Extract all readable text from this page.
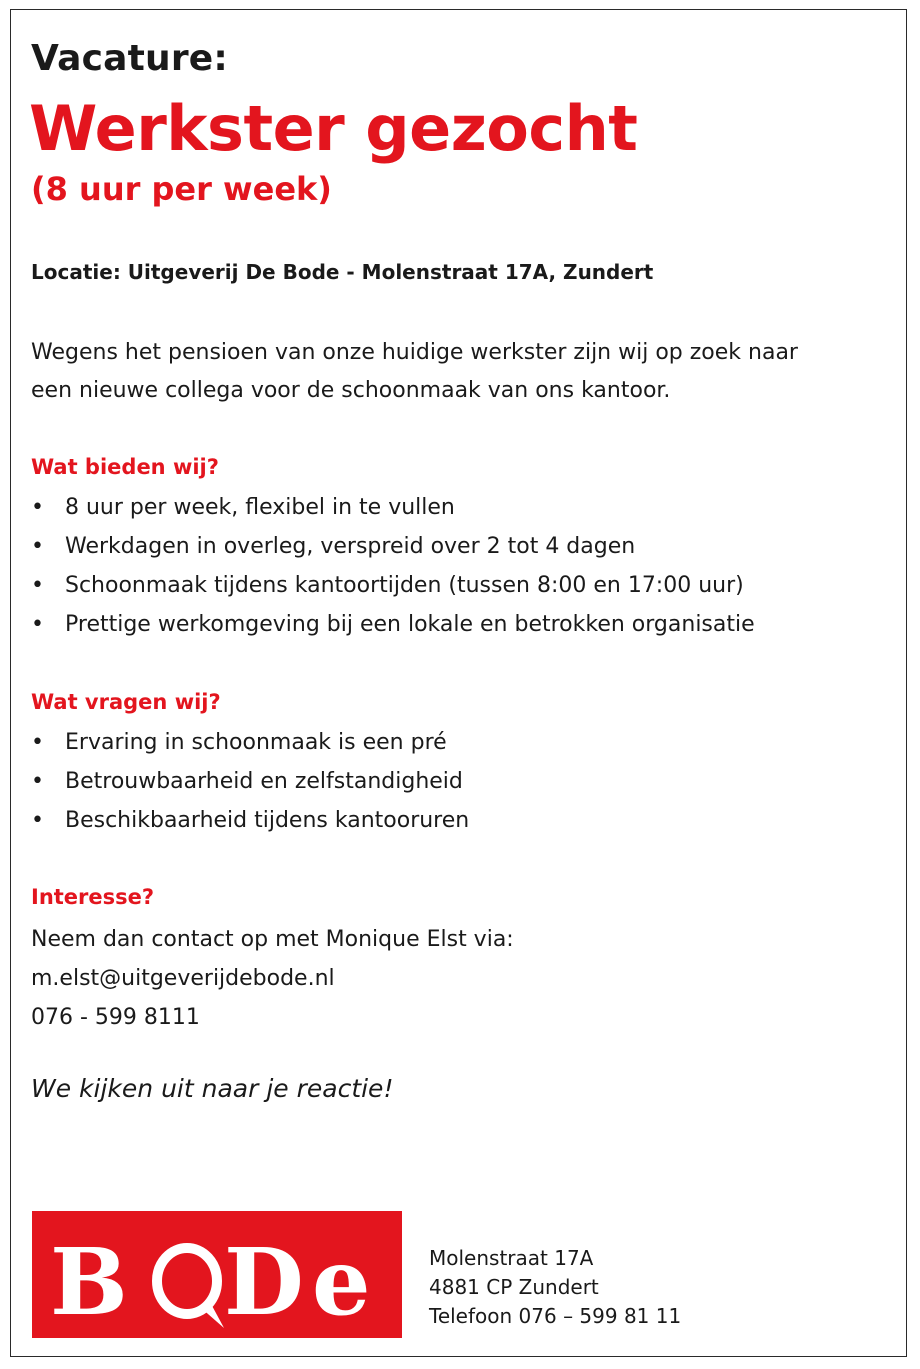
Vacature:
Werkster gezocht
(8 uur per week)
Locatie: Uitgeverij De Bode - Molenstraat 17A, Zundert
Wegens het pensioen van onze huidige werkster zijn wij op zoek naar
een nieuwe collega voor de schoonmaak van ons kantoor.
Wat bieden wij?
• 8 uur per week, flexibel in te vullen
• Werkdagen in overleg, verspreid over 2 tot 4 dagen
• Schoonmaak tijdens kantoortijden (tussen 8:00 en 17:00 uur)
• Prettige werkomgeving bij een lokale en betrokken organisatie
Wat vragen wij?
• Ervaring in schoonmaak is een pré
• Betrouwbaarheid en zelfstandigheid
• Beschikbaarheid tijdens kantooruren
Interesse?
Neem dan contact op met Monique Elst via:
m.elst@uitgeverijdebode.nl
076 - 599 8111
We kijken uit naar je reactie!
B D e	Molenstraat 17A
4881 CP Zundert
Telefoon 076 – 599 81 11
